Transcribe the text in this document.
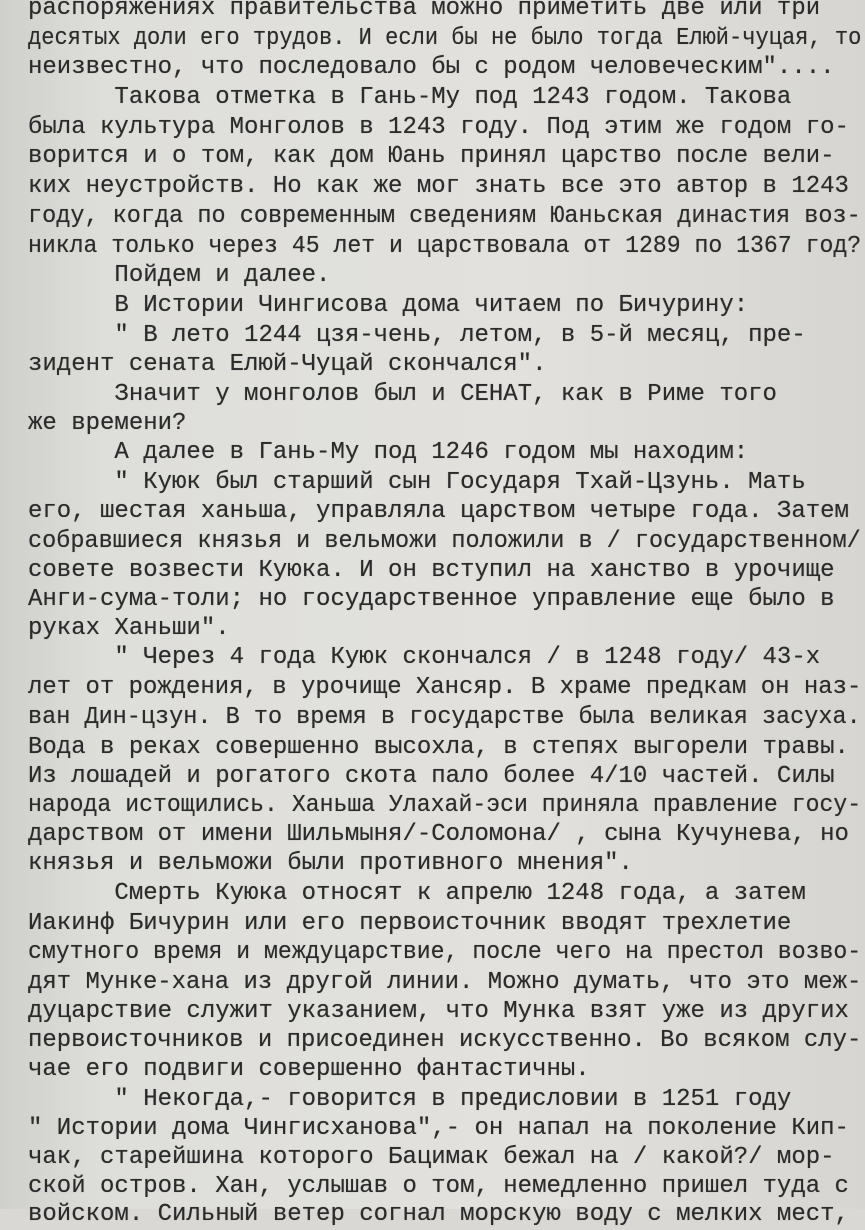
распоряжениях правительства можно приметить две или три
десятых доли его трудов. И если бы не было тогда Елюй-чуцая, то
неизвестно, что последовало бы с родом человеческим"....
Такова отметка в Гань-Му под 1243 годом. Такова
была культура Монголов в 1243 году. Под этим же годом го-
ворится и о том, как дом Юань принял царство после вели-
ких неустройств. Но как же мог знать все это автор в 1243
году, когда по современным сведениям Юаньская династия воз-
никла только через 45 лет и царствовала от 1289 по 1367 год?
Пойдем и далее.
В Истории Чингисова дома читаем по Бичурину:
" В лето 1244 цзя-чень, летом, в 5-й месяц, пре-
зидент сената Елюй-Чуцай скончался".
Значит у монголов был и СЕНАТ, как в Риме того
же времени?
А далее в Гань-Му под 1246 годом мы находим:
" Куюк был старший сын Государя Тхай-Цзунь. Мать
его, шестая ханьша, управляла царством четыре года. Затем
собравшиеся князья и вельможи положили в / государственном/
совете возвести Куюка. И он вступил на ханство в урочище
Анги-сума-толи; но государственное управление еще было в
руках Ханьши".
" Через 4 года Куюк скончался / в 1248 году/ 43-х
лет от рождения, в урочище Хансяр. В храме предкам он наз-
ван Дин-цзун. В то время в государстве была великая засуха.
Вода в реках совершенно высохла, в степях выгорели травы.
Из лошадей и рогатого скота пало более 4/10 частей. Силы
народа истощились. Ханьша Улахай-эси приняла правление госу-
дарством от имени Шильмыня/-Соломона/ , сына Кучунева, но
князья и вельможи были противного мнения".
Смерть Куюка относят к апрелю 1248 года, а затем
Иакинф Бичурин или его первоисточник вводят трехлетие
смутного время и междуцарствие, после чего на престол возво-
дят Мунке-хана из другой линии. Можно думать, что это меж-
дуцарствие служит указанием, что Мунка взят уже из других
первоисточников и присоединен искусственно. Во всяком слу-
чае его подвиги совершенно фантастичны.
" Некогда,- говорится в предисловии в 1251 году
" Истории дома Чингисханова",- он напал на поколение Кип-
чак, старейшина которого Бацимак бежал на / какой?/ мор-
ской остров. Хан, услышав о том, немедленно пришел туда с
войском. Сильный ветер согнал морскую воду с мелких мест,
